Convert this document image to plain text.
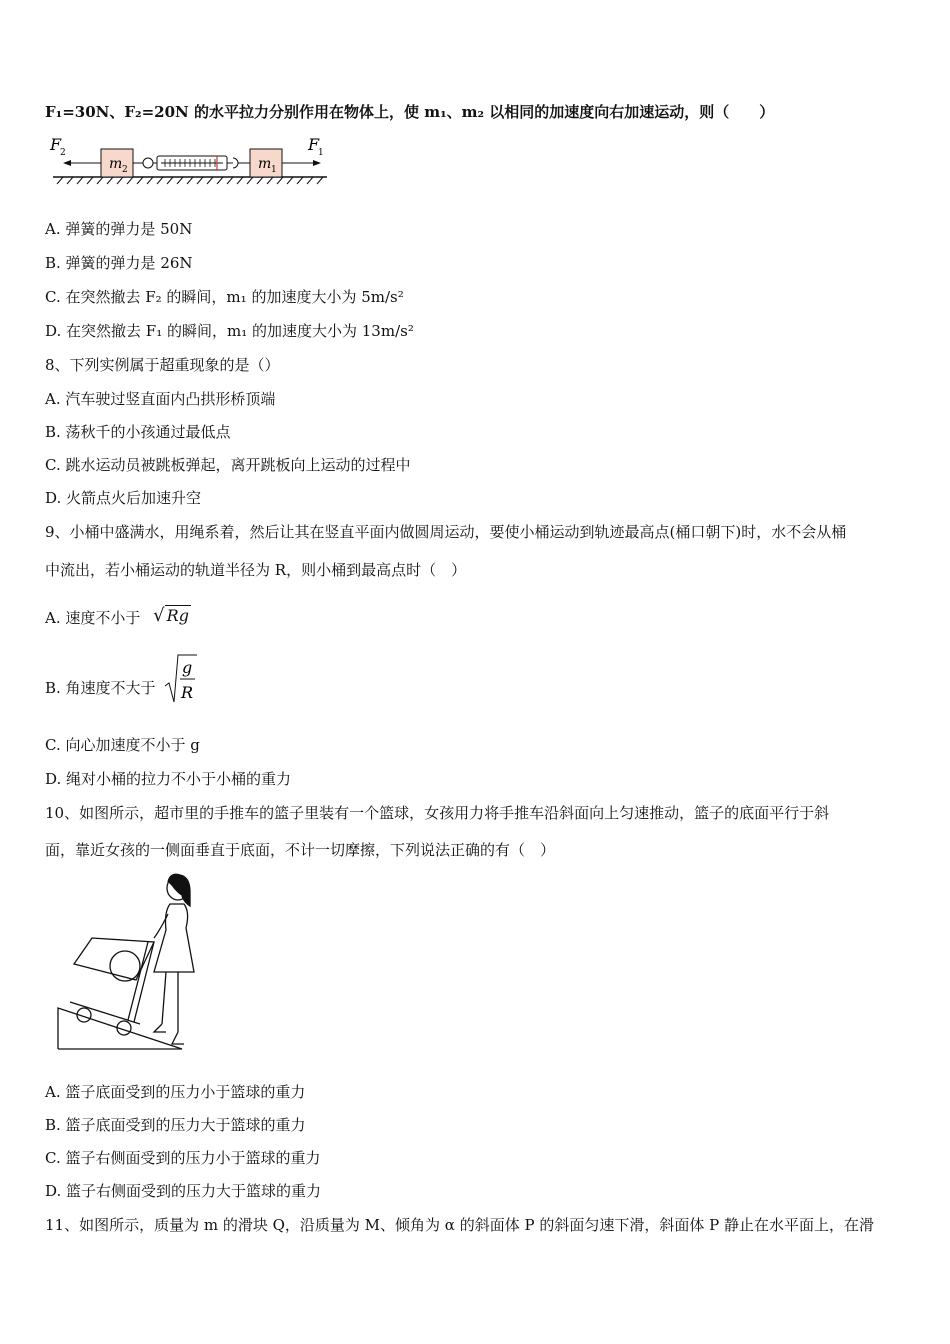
F₁=30N、F₂=20N 的水平拉力分别作用在物体上，使 m₁、m₂ 以相同的加速度向右加速运动，则（　　）
m 2	m 1
F
2	F
1
A. 弹簧的弹力是 50N
B. 弹簧的弹力是 26N
C. 在突然撤去 F₂ 的瞬间，m₁ 的加速度大小为 5m/s²
D. 在突然撤去 F₁ 的瞬间，m₁ 的加速度大小为 13m/s²
8、下列实例属于超重现象的是（）
A. 汽车驶过竖直面内凸拱形桥顶端
B. 荡秋千的小孩通过最低点
C. 跳水运动员被跳板弹起，离开跳板向上运动的过程中
D. 火箭点火后加速升空
9、小桶中盛满水，用绳系着，然后让其在竖直平面内做圆周运动，要使小桶运动到轨迹最高点(桶口朝下)时，水不会从桶
中流出，若小桶运动的轨道半径为 R，则小桶到最高点时（　）
A. 速度不小于 √ Rg
B. 角速度不大于
g
R
C. 向心加速度不小于 g
D. 绳对小桶的拉力不小于小桶的重力
10、如图所示，超市里的手推车的篮子里装有一个篮球，女孩用力将手推车沿斜面向上匀速推动，篮子的底面平行于斜
面，靠近女孩的一侧面垂直于底面，不计一切摩擦，下列说法正确的有（　）
A. 篮子底面受到的压力小于篮球的重力
B. 篮子底面受到的压力大于篮球的重力
C. 篮子右侧面受到的压力小于篮球的重力
D. 篮子右侧面受到的压力大于篮球的重力
11、如图所示，质量为 m 的滑块 Q，沿质量为 M、倾角为 α 的斜面体 P 的斜面匀速下滑，斜面体 P 静止在水平面上，在滑
